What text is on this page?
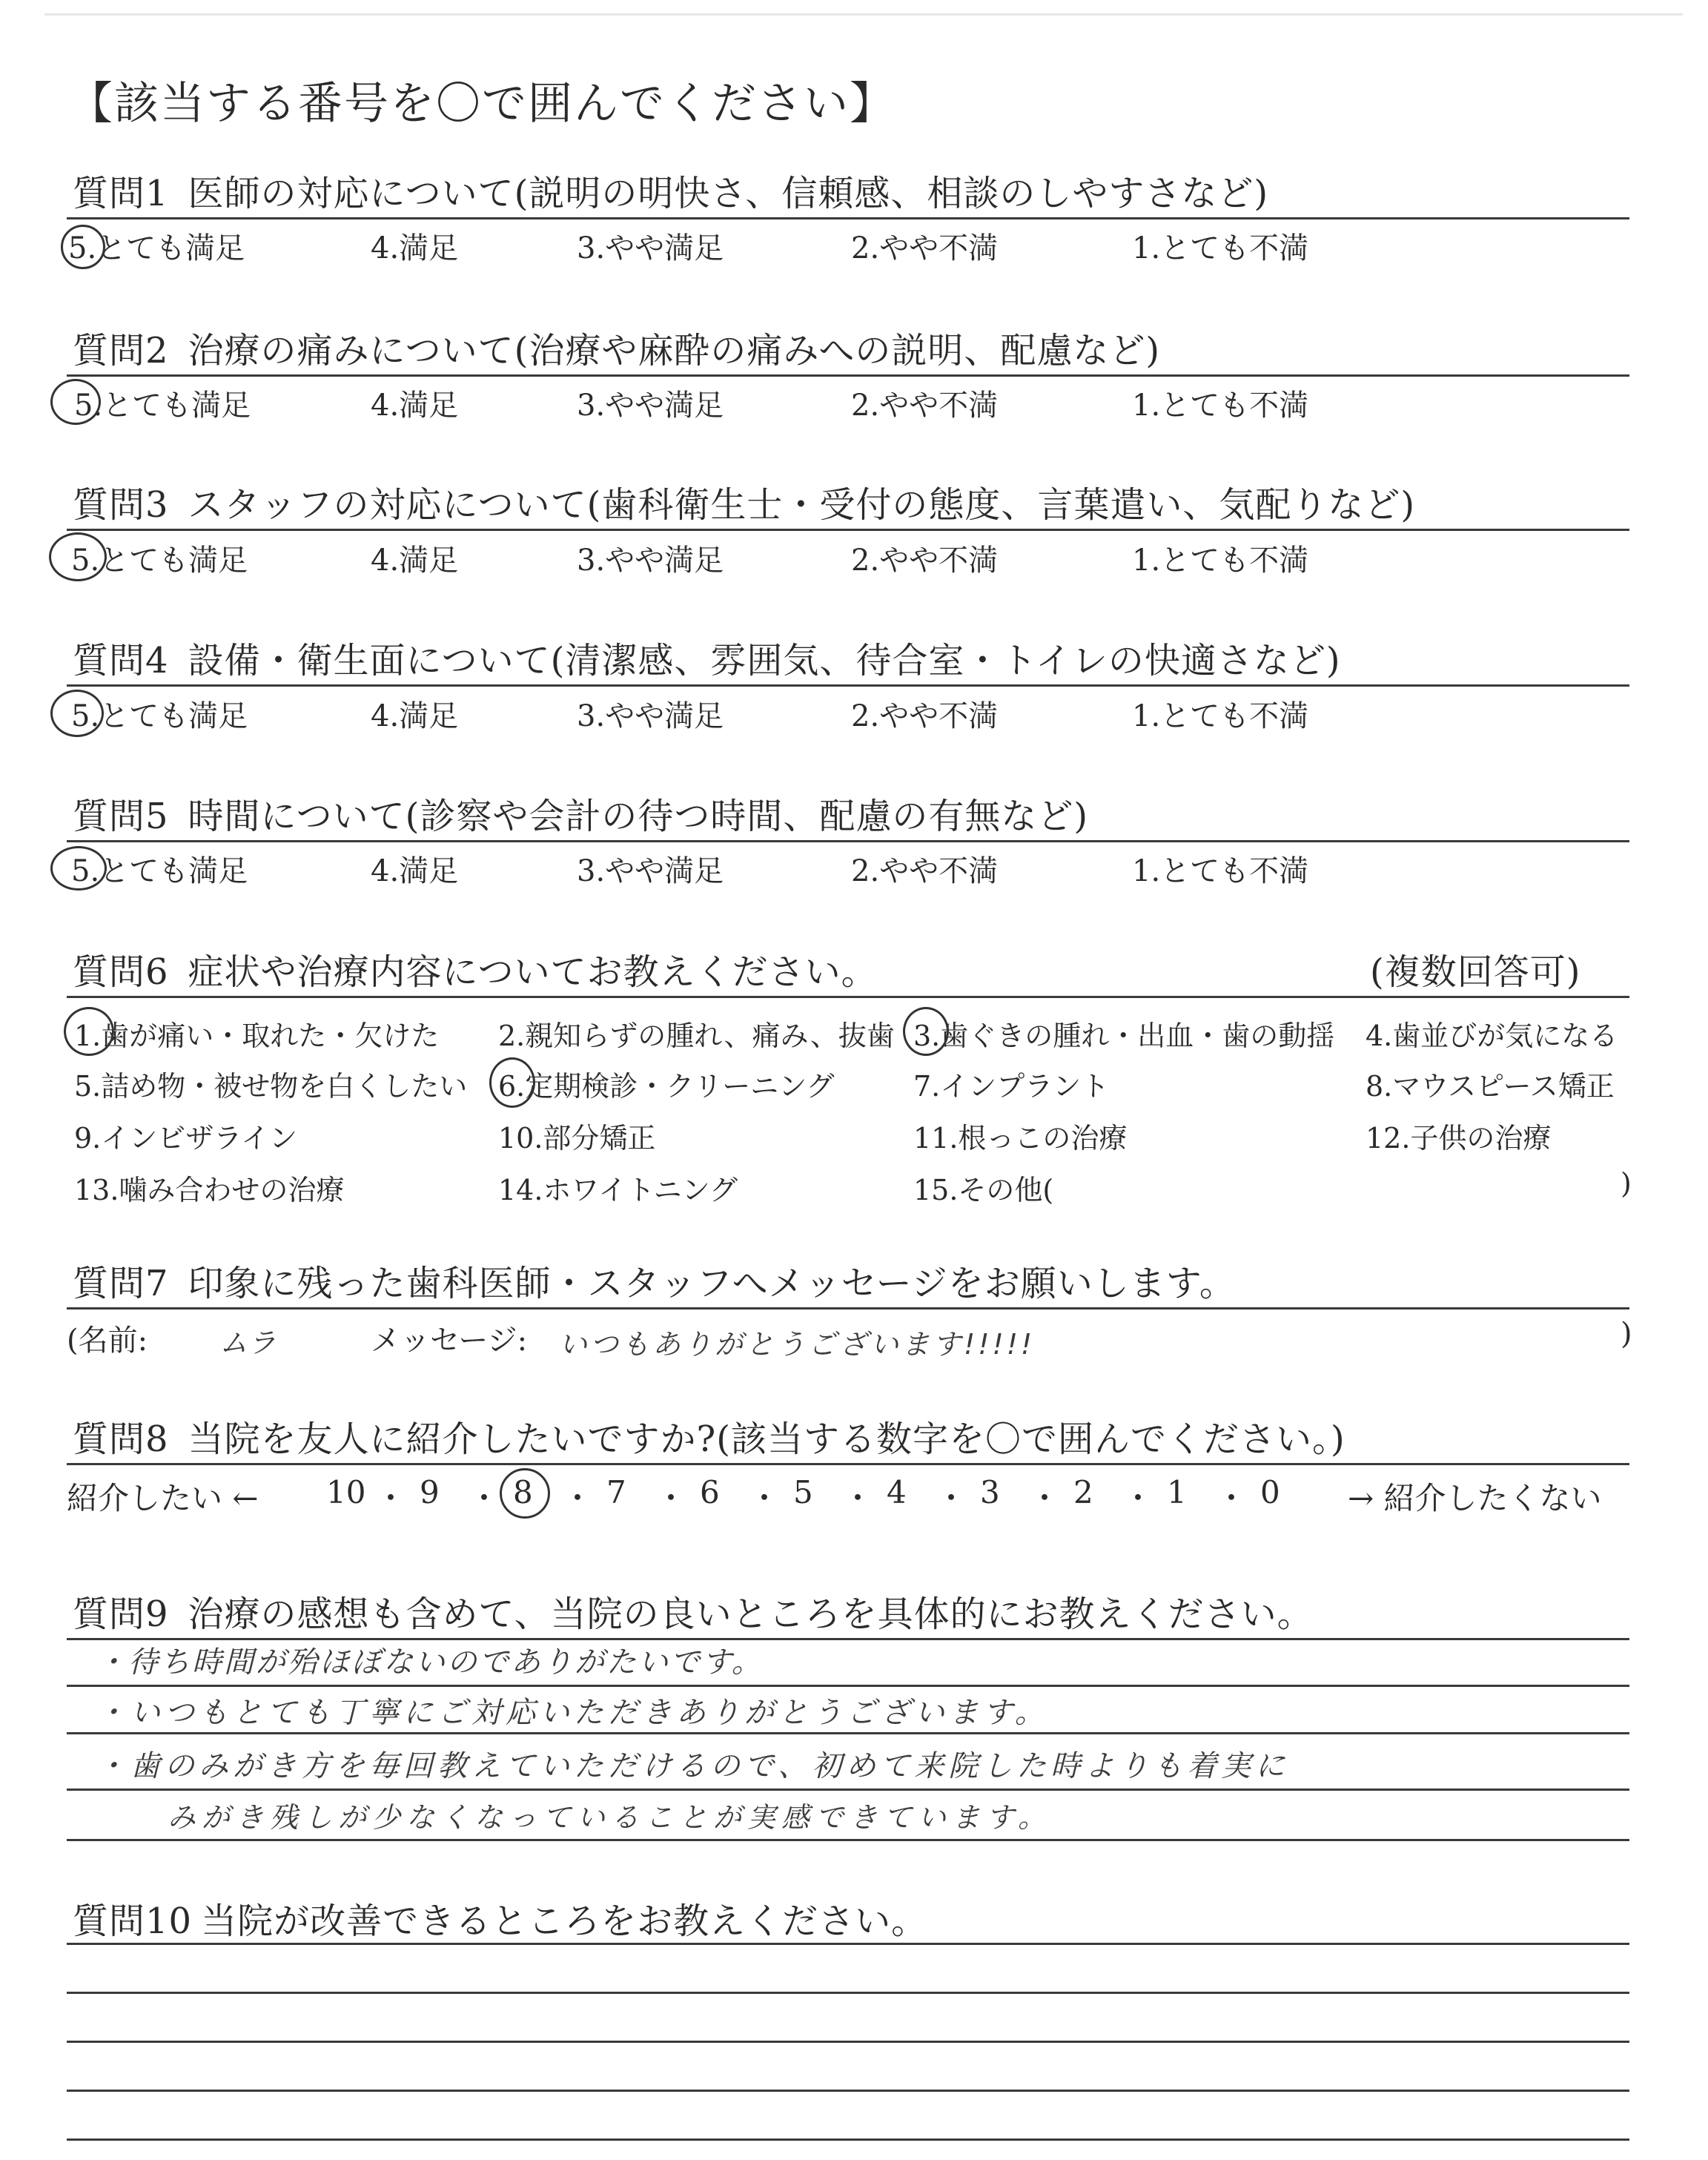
【該当する番号を〇で囲んでください】
質問1 医師の対応について(説明の明快さ、信頼感、相談のしやすさなど)
5.とても満足	4.満足	3.やや満足	2.やや不満	1.とても不満
質問2 治療の痛みについて(治療や麻酔の痛みへの説明、配慮など)
5.とても満足	4.満足	3.やや満足	2.やや不満	1.とても不満
質問3 スタッフの対応について(歯科衛生士・受付の態度、言葉遣い、気配りなど)
5.とても満足	4.満足	3.やや満足	2.やや不満	1.とても不満
質問4 設備・衛生面について(清潔感、雰囲気、待合室・トイレの快適さなど)
5.とても満足	4.満足	3.やや満足	2.やや不満	1.とても不満
質問5 時間について(診察や会計の待つ時間、配慮の有無など)
5.とても満足	4.満足	3.やや満足	2.やや不満	1.とても不満
質問6 症状や治療内容についてお教えください。	(複数回答可)
1.歯が痛い・取れた・欠けた 2.親知らずの腫れ、痛み、抜歯 3.歯ぐきの腫れ・出血・歯の動揺 4.歯並びが気になる
5.詰め物・被せ物を白くしたい 6.定期検診・クリーニング	7.インプラント	8.マウスピース矯正
9.インビザライン	10.部分矯正	11.根っこの治療	12.子供の治療
13.噛み合わせの治療	14.ホワイトニング	15.その他(	)
質問7 印象に残った歯科医師・スタッフへメッセージをお願いします。
(名前:	ムラ	メッセージ: いつもありがとうございます!!!!!	)
質問8 当院を友人に紹介したいですか?(該当する数字を〇で囲んでください。)
紹介したい ← 10 ・ 9 ・ 8 ・ 7 ・ 6 ・ 5 ・ 4 ・ 3 ・ 2 ・ 1 ・ 0 → 紹介したくない
質問9 治療の感想も含めて、当院の良いところを具体的にお教えください。
・待ち時間が殆ほぼないのでありがたいです。
・いつもとても丁寧にご対応いただきありがとうございます。
・歯のみがき方を毎回教えていただけるので、初めて来院した時よりも着実に
みがき残しが少なくなっていることが実感できています。
質問10 当院が改善できるところをお教えください。
